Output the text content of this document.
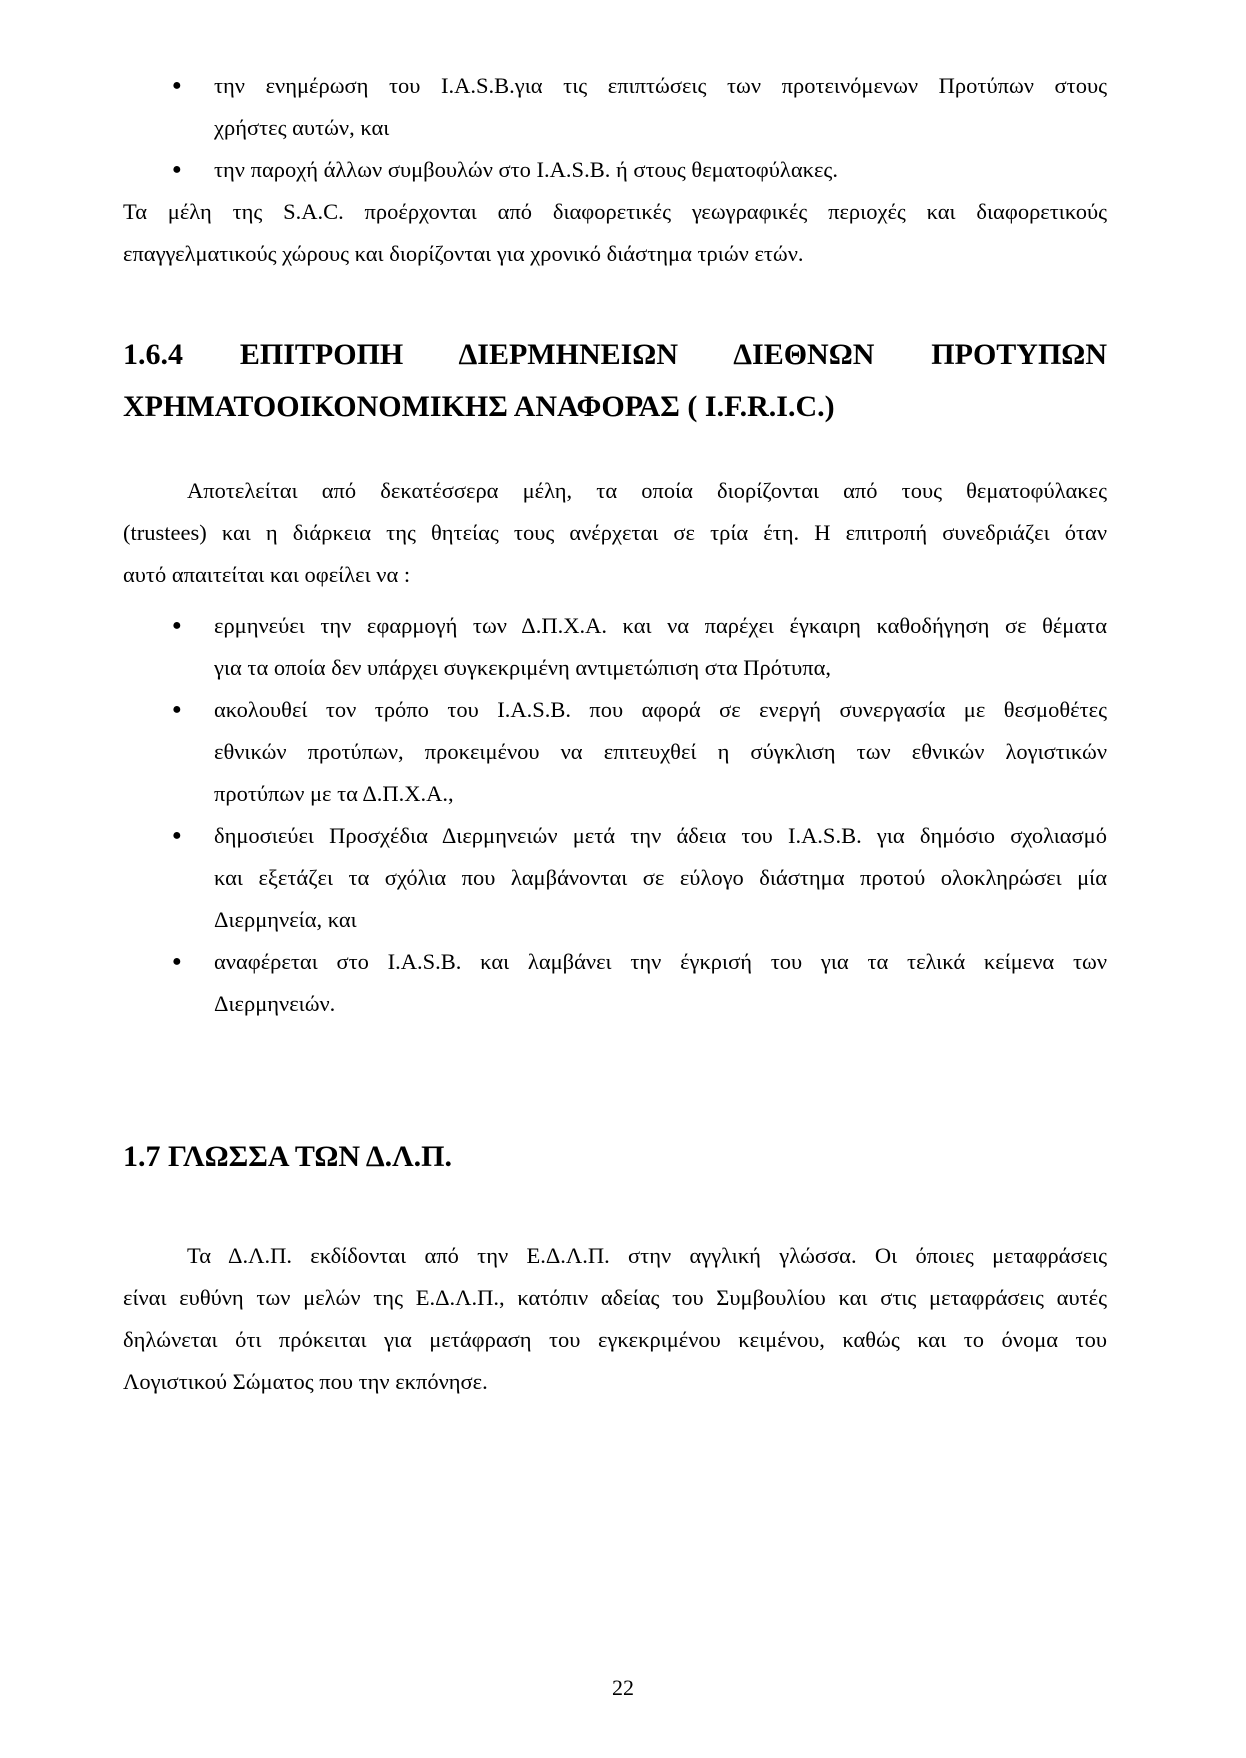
● την ενημέρωση του I.A.S.B.για τις επιπτώσεις των προτεινόμενων Προτύπων στους
χρήστες αυτών, και
● την παροχή άλλων συμβουλών στο I.A.S.B. ή στους θεματοφύλακες.
Τα μέλη της S.A.C. προέρχονται από διαφορετικές γεωγραφικές περιοχές και διαφορετικούς
επαγγελματικούς χώρους και διορίζονται για χρονικό διάστημα τριών ετών.
1.6.4 ΕΠΙΤΡΟΠΗ ΔΙΕΡΜΗΝΕΙΩΝ ΔΙΕΘΝΩΝ ΠΡΟΤΥΠΩΝ
ΧΡΗΜΑΤΟΟΙΚΟΝΟΜΙΚΗΣ ΑΝΑΦΟΡΑΣ ( I.F.R.I.C.)
Αποτελείται από δεκατέσσερα μέλη, τα οποία διορίζονται από τους θεματοφύλακες
(trustees) και η διάρκεια της θητείας τους ανέρχεται σε τρία έτη. Η επιτροπή συνεδριάζει όταν
αυτό απαιτείται και οφείλει να :
● ερμηνεύει την εφαρμογή των Δ.Π.Χ.Α. και να παρέχει έγκαιρη καθοδήγηση σε θέματα
για τα οποία δεν υπάρχει συγκεκριμένη αντιμετώπιση στα Πρότυπα,
● ακολουθεί τον τρόπο του I.A.S.B. που αφορά σε ενεργή συνεργασία με θεσμοθέτες
εθνικών προτύπων, προκειμένου να επιτευχθεί η σύγκλιση των εθνικών λογιστικών
προτύπων με τα Δ.Π.Χ.Α.,
● δημοσιεύει Προσχέδια Διερμηνειών μετά την άδεια του I.A.S.B. για δημόσιο σχολιασμό
και εξετάζει τα σχόλια που λαμβάνονται σε εύλογο διάστημα προτού ολοκληρώσει μία
Διερμηνεία, και
● αναφέρεται στο I.A.S.B. και λαμβάνει την έγκρισή του για τα τελικά κείμενα των
Διερμηνειών.
1.7 ΓΛΩΣΣΑ ΤΩΝ Δ.Λ.Π.
Τα Δ.Λ.Π. εκδίδονται από την Ε.Δ.Λ.Π. στην αγγλική γλώσσα. Οι όποιες μεταφράσεις
είναι ευθύνη των μελών της Ε.Δ.Λ.Π., κατόπιν αδείας του Συμβουλίου και στις μεταφράσεις αυτές
δηλώνεται ότι πρόκειται για μετάφραση του εγκεκριμένου κειμένου, καθώς και το όνομα του
Λογιστικού Σώματος που την εκπόνησε.
22
